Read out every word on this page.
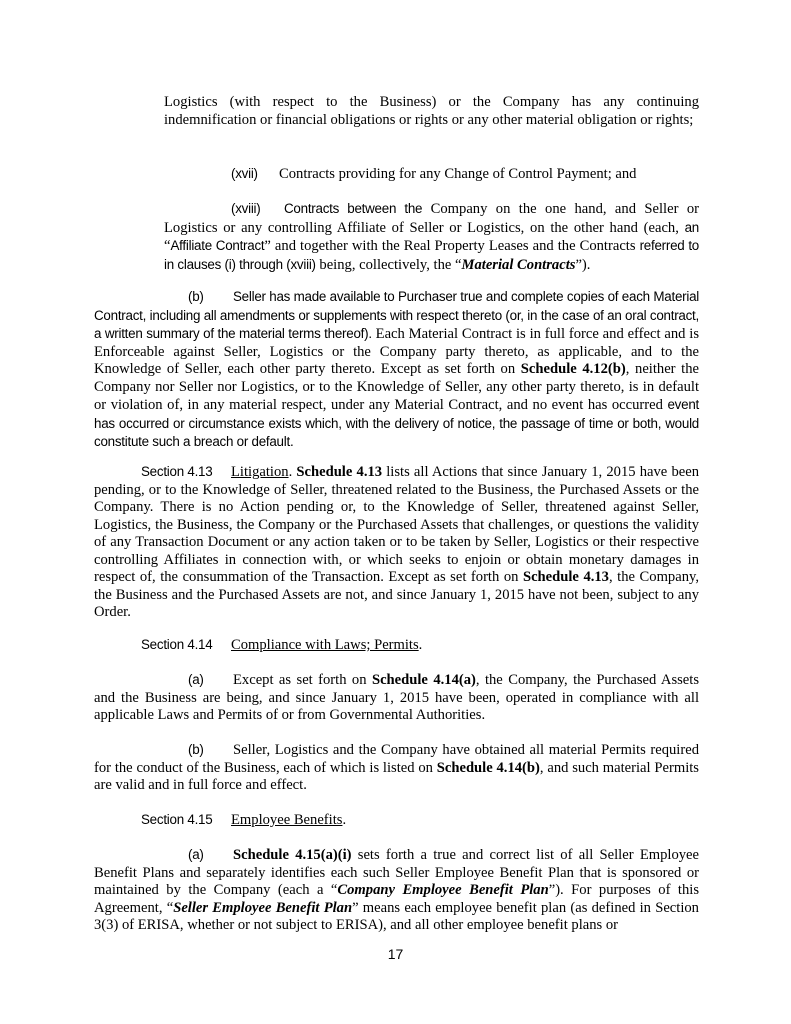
Logistics (with respect to the Business) or the Company has any continuing indemnification or financial obligations or rights or any other material obligation or rights;
(xvii) Contracts providing for any Change of Control Payment; and
(xviii) Contracts between the Company on the one hand, and Seller or Logistics or any controlling Affiliate of Seller or Logistics, on the other hand (each, an “Affiliate Contract” and together with the Real Property Leases and the Contracts referred to in clauses (i) through (xviii) being, collectively, the “Material Contracts”).
(b) Seller has made available to Purchaser true and complete copies of each Material Contract, including all amendments or supplements with respect thereto (or, in the case of an oral contract, a written summary of the material terms thereof). Each Material Contract is in full force and effect and is Enforceable against Seller, Logistics or the Company party thereto, as applicable, and to the Knowledge of Seller, each other party thereto. Except as set forth on Schedule 4.12(b), neither the Company nor Seller nor Logistics, or to the Knowledge of Seller, any other party thereto, is in default or violation of, in any material respect, under any Material Contract, and no event has occurred event has occurred or circumstance exists which, with the delivery of notice, the passage of time or both, would constitute such a breach or default.
Section 4.13 Litigation. Schedule 4.13 lists all Actions that since January 1, 2015 have been pending, or to the Knowledge of Seller, threatened related to the Business, the Purchased Assets or the Company. There is no Action pending or, to the Knowledge of Seller, threatened against Seller, Logistics, the Business, the Company or the Purchased Assets that challenges, or questions the validity of any Transaction Document or any action taken or to be taken by Seller, Logistics or their respective controlling Affiliates in connection with, or which seeks to enjoin or obtain monetary damages in respect of, the consummation of the Transaction. Except as set forth on Schedule 4.13, the Company, the Business and the Purchased Assets are not, and since January 1, 2015 have not been, subject to any Order.
Section 4.14 Compliance with Laws; Permits.
(a) Except as set forth on Schedule 4.14(a), the Company, the Purchased Assets and the Business are being, and since January 1, 2015 have been, operated in compliance with all applicable Laws and Permits of or from Governmental Authorities.
(b) Seller, Logistics and the Company have obtained all material Permits required for the conduct of the Business, each of which is listed on Schedule 4.14(b), and such material Permits are valid and in full force and effect.
Section 4.15 Employee Benefits.
(a) Schedule 4.15(a)(i) sets forth a true and correct list of all Seller Employee Benefit Plans and separately identifies each such Seller Employee Benefit Plan that is sponsored or maintained by the Company (each a “Company Employee Benefit Plan”). For purposes of this Agreement, “Seller Employee Benefit Plan” means each employee benefit plan (as defined in Section 3(3) of ERISA, whether or not subject to ERISA), and all other employee benefit plans or
17
